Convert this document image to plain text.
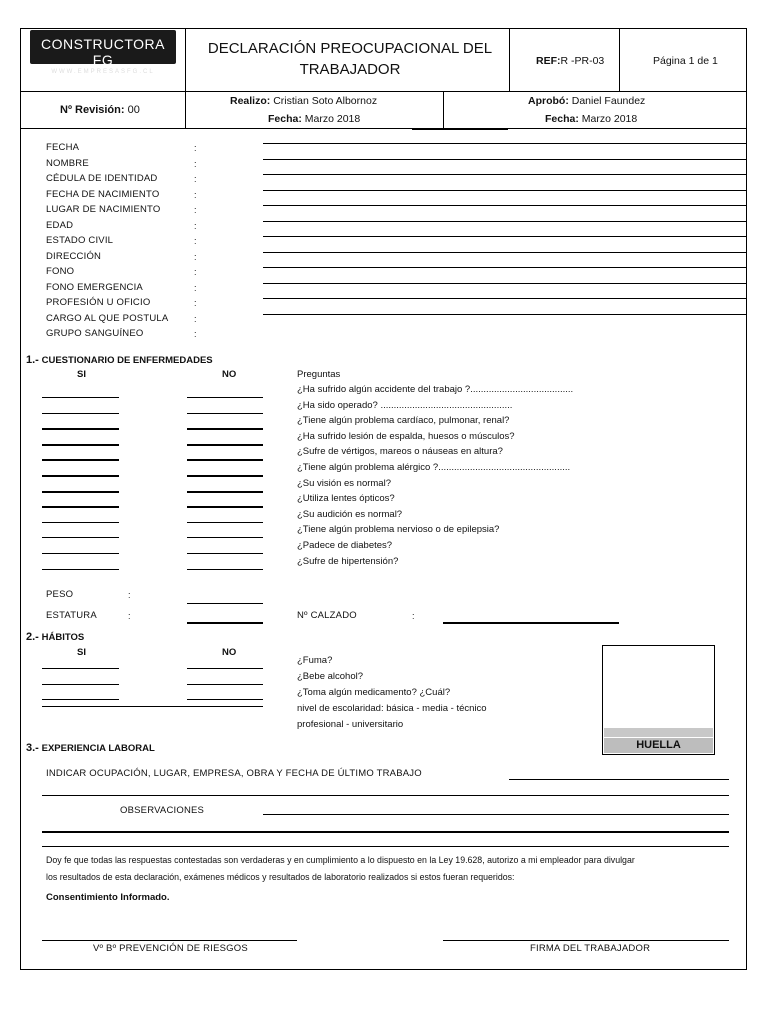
CONSTRUCTORA FG
WWW.EMPRESASFG.CL
DECLARACIÓN PREOCUPACIONAL DEL TRABAJADOR	REF:R -PR-03	Página 1 de 1
Nº Revisión: 00
Realizo: Cristian Soto Albornoz
Fecha: Marzo 2018
Aprobó: Daniel Faundez
Fecha: Marzo 2018
FECHA	:
NOMBRE	:
CÉDULA DE IDENTIDAD	:
FECHA DE NACIMIENTO	:
LUGAR DE NACIMIENTO	:
EDAD	:
ESTADO CIVIL	:
DIRECCIÓN	:
FONO	:
FONO EMERGENCIA	:
PROFESIÓN U OFICIO	:
CARGO AL QUE POSTULA	:
GRUPO SANGUÍNEO	:
1.- CUESTIONARIO DE ENFERMEDADES
SI	NO	Preguntas
¿Ha sufrido algún accidente del trabajo ?.......................................
¿Ha sido operado? ..................................................
¿Tiene algún problema cardíaco, pulmonar, renal?
¿Ha sufrido lesión de espalda, huesos o músculos?
¿Sufre de vértigos, mareos o náuseas en altura?
¿Tiene algún problema alérgico ?..................................................
¿Su visión es normal?
¿Utiliza lentes ópticos?
¿Su audición es normal?
¿Tiene algún problema nervioso o de epilepsia?
¿Padece de diabetes?
¿Sufre de hipertensión?
PESO	:
ESTATURA	:	Nº CALZADO	:
2.- HÁBITOS
SI	NO
¿Fuma?
¿Bebe alcohol?
¿Toma algún medicamento? ¿Cuál?
nivel de escolaridad: básica - media - técnico
profesional - universitario
HUELLA
3.- EXPERIENCIA LABORAL
INDICAR OCUPACIÓN, LUGAR, EMPRESA, OBRA Y FECHA DE ÚLTIMO TRABAJO
OBSERVACIONES
Doy fe que todas las respuestas contestadas son verdaderas y en cumplimiento a lo dispuesto en la Ley 19.628, autorizo a mi empleador para divulgar
los resultados de esta declaración, exámenes médicos y resultados de laboratorio realizados si estos fueran requeridos:
Consentimiento Informado.
Vº Bº PREVENCIÓN DE RIESGOS	FIRMA DEL TRABAJADOR
